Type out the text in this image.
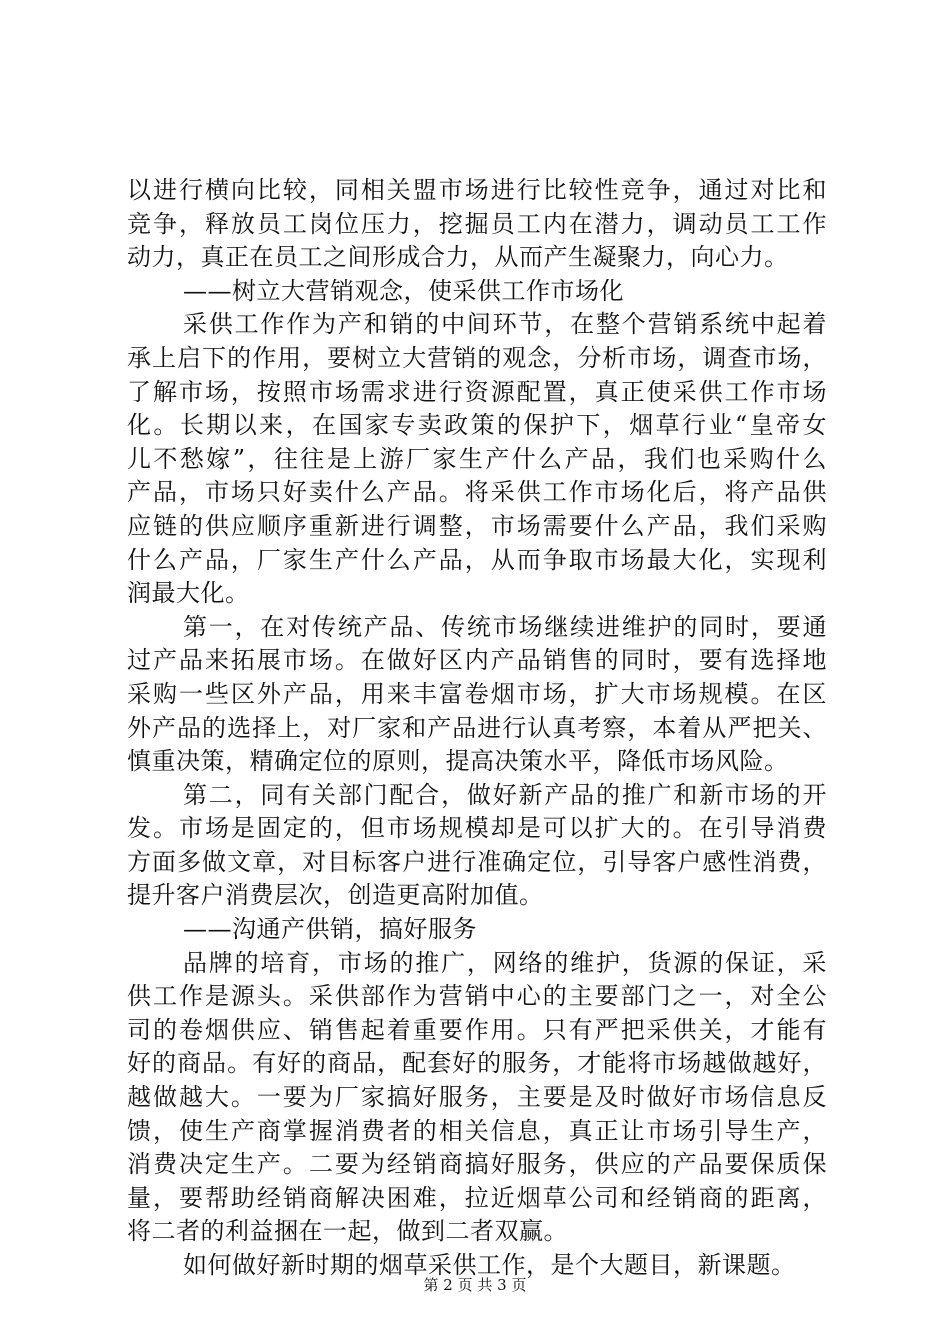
以进行横向比较，同相关盟市场进行比较性竞争，通过对比和
竞争，释放员工岗位压力，挖掘员工内在潜力，调动员工工作
动力，真正在员工之间形成合力，从而产生凝聚力，向心力。
——树立大营销观念，使采供工作市场化
采供工作作为产和销的中间环节，在整个营销系统中起着
承上启下的作用，要树立大营销的观念，分析市场，调查市场，
了解市场，按照市场需求进行资源配置，真正使采供工作市场
化。长期以来，在国家专卖政策的保护下，烟草行业“皇帝女
儿不愁嫁”，往往是上游厂家生产什么产品，我们也采购什么
产品，市场只好卖什么产品。将采供工作市场化后，将产品供
应链的供应顺序重新进行调整，市场需要什么产品，我们采购
什么产品，厂家生产什么产品，从而争取市场最大化，实现利
润最大化。
第一，在对传统产品、传统市场继续进维护的同时，要通
过产品来拓展市场。在做好区内产品销售的同时，要有选择地
采购一些区外产品，用来丰富卷烟市场，扩大市场规模。在区
外产品的选择上，对厂家和产品进行认真考察，本着从严把关、
慎重决策，精确定位的原则，提高决策水平，降低市场风险。
第二，同有关部门配合，做好新产品的推广和新市场的开
发。市场是固定的，但市场规模却是可以扩大的。在引导消费
方面多做文章，对目标客户进行准确定位，引导客户感性消费，
提升客户消费层次，创造更高附加值。
——沟通产供销，搞好服务
品牌的培育，市场的推广，网络的维护，货源的保证，采
供工作是源头。采供部作为营销中心的主要部门之一，对全公
司的卷烟供应、销售起着重要作用。只有严把采供关，才能有
好的商品。有好的商品，配套好的服务，才能将市场越做越好，
越做越大。一要为厂家搞好服务，主要是及时做好市场信息反
馈，使生产商掌握消费者的相关信息，真正让市场引导生产，
消费决定生产。二要为经销商搞好服务，供应的产品要保质保
量，要帮助经销商解决困难，拉近烟草公司和经销商的距离，
将二者的利益捆在一起，做到二者双赢。
如何做好新时期的烟草采供工作，是个大题目，新课题。
第 2 页 共 3 页
